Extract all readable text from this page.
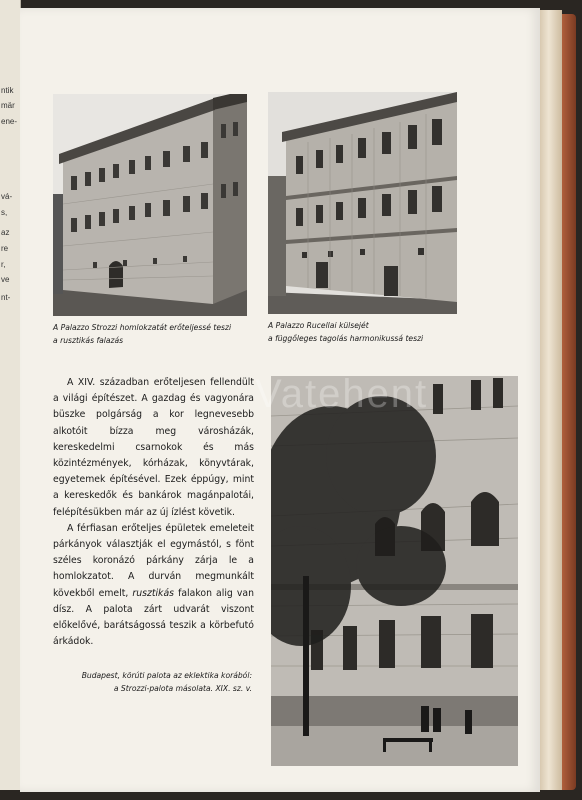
ntik
mär
ene-
vá-
s,
az
re
r,
ve
nt-
A Palazzo Strozzi homlokzatát erőteljessé teszi
a rusztikás falazás
A Palazzo Rucellai külsejét
a függőleges tagolás harmonikussá teszi

A XIV. században erőteljesen fellendült a világi építészet. A gazdag és vagyonára büszke polgárság a kor legnevesebb alkotóit bízza meg városházák, kereskedelmi csarnokok és más közintézmények, kórházak, könyvtárak, egyetemek építésével. Ezek éppúgy, mint a kereskedők és bankárok magánpalotái, felépítésükben már az új ízlést követik.

A férfiasan erőteljes épületek emeleteit párkányok választják el egymástól, s fönt széles koronázó párkány zárja le a homlokzatot. A durván megmunkált kövekből emelt, rusztikás falakon alig van dísz. A palota zárt udvarát viszont előkelővé, barátságossá teszik a körbefutó árkádok.

Budapest, körúti palota az eklektika korából:
a Strozzi-palota másolata. XIX. sz. v.
Vatehent
